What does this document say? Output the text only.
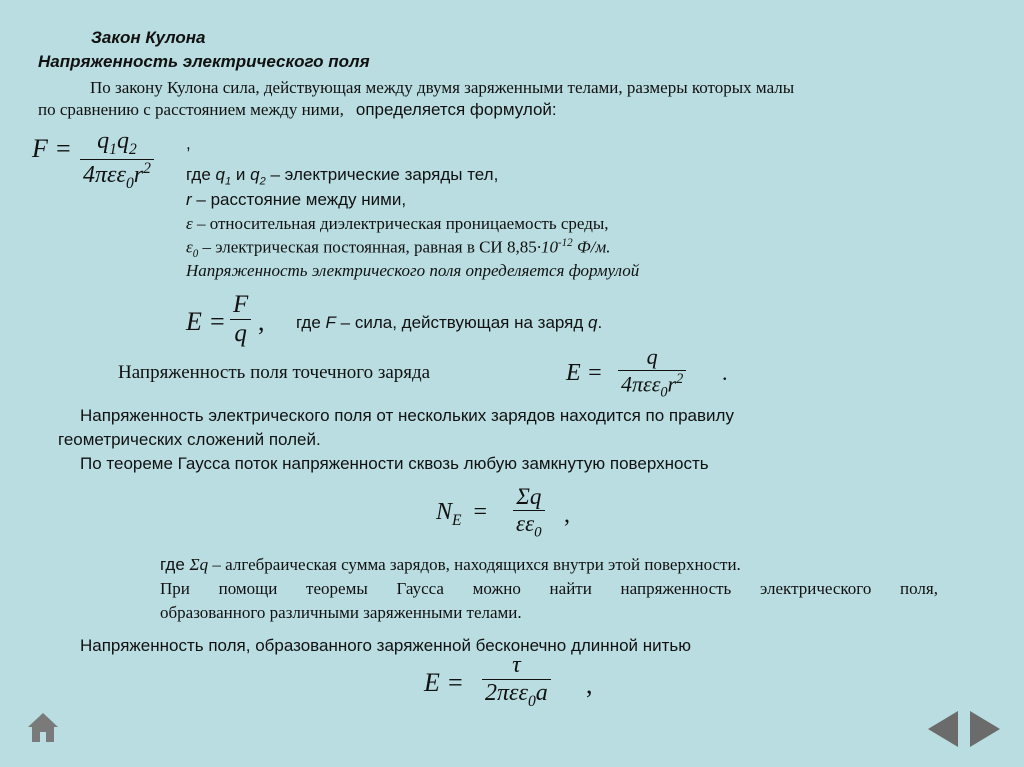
Закон Кулона
Напряженность электрического поля
По закону Кулона сила, действующая между двумя заряженными телами, размеры которых малы
по сравнению с расстоянием между ними, определяется формулой:
F =	$q_1q_2$
$4\pi\varepsilon\varepsilon_0r^2$
,
где $q_1$ и $q_2$ – электрические заряды тел,
r – расстояние между ними,
ε – относительная диэлектрическая проницаемость среды,
$\varepsilon_0$ – электрическая постоянная, равная в СИ $8,85\cdot 10^{-12}$ Ф/м.
Напряженность электрического поля определяется формулой
$E = \frac{F}{q}$ , где F – сила, действующая на заряд q.
Напряженность поля точечного заряда	E =
q
$4\pi\varepsilon\varepsilon_0r^2$ .
Напряженность электрического поля от нескольких зарядов находится по правилу
геометрических сложений полей.
По теореме Гаусса поток напряженности сквозь любую замкнутую поверхность
$N_E = \frac{\Sigma q}{\varepsilon\varepsilon_0}$ ,
где Σq – алгебраическая сумма зарядов, находящихся внутри этой поверхности.
При помощи теоремы Гаусса можно найти напряженность электрического поля,
образованного различными заряженными телами.
Напряженность поля, образованного заряженной бесконечно длинной нитью
E =
τ
2πεε$_0$a ,
